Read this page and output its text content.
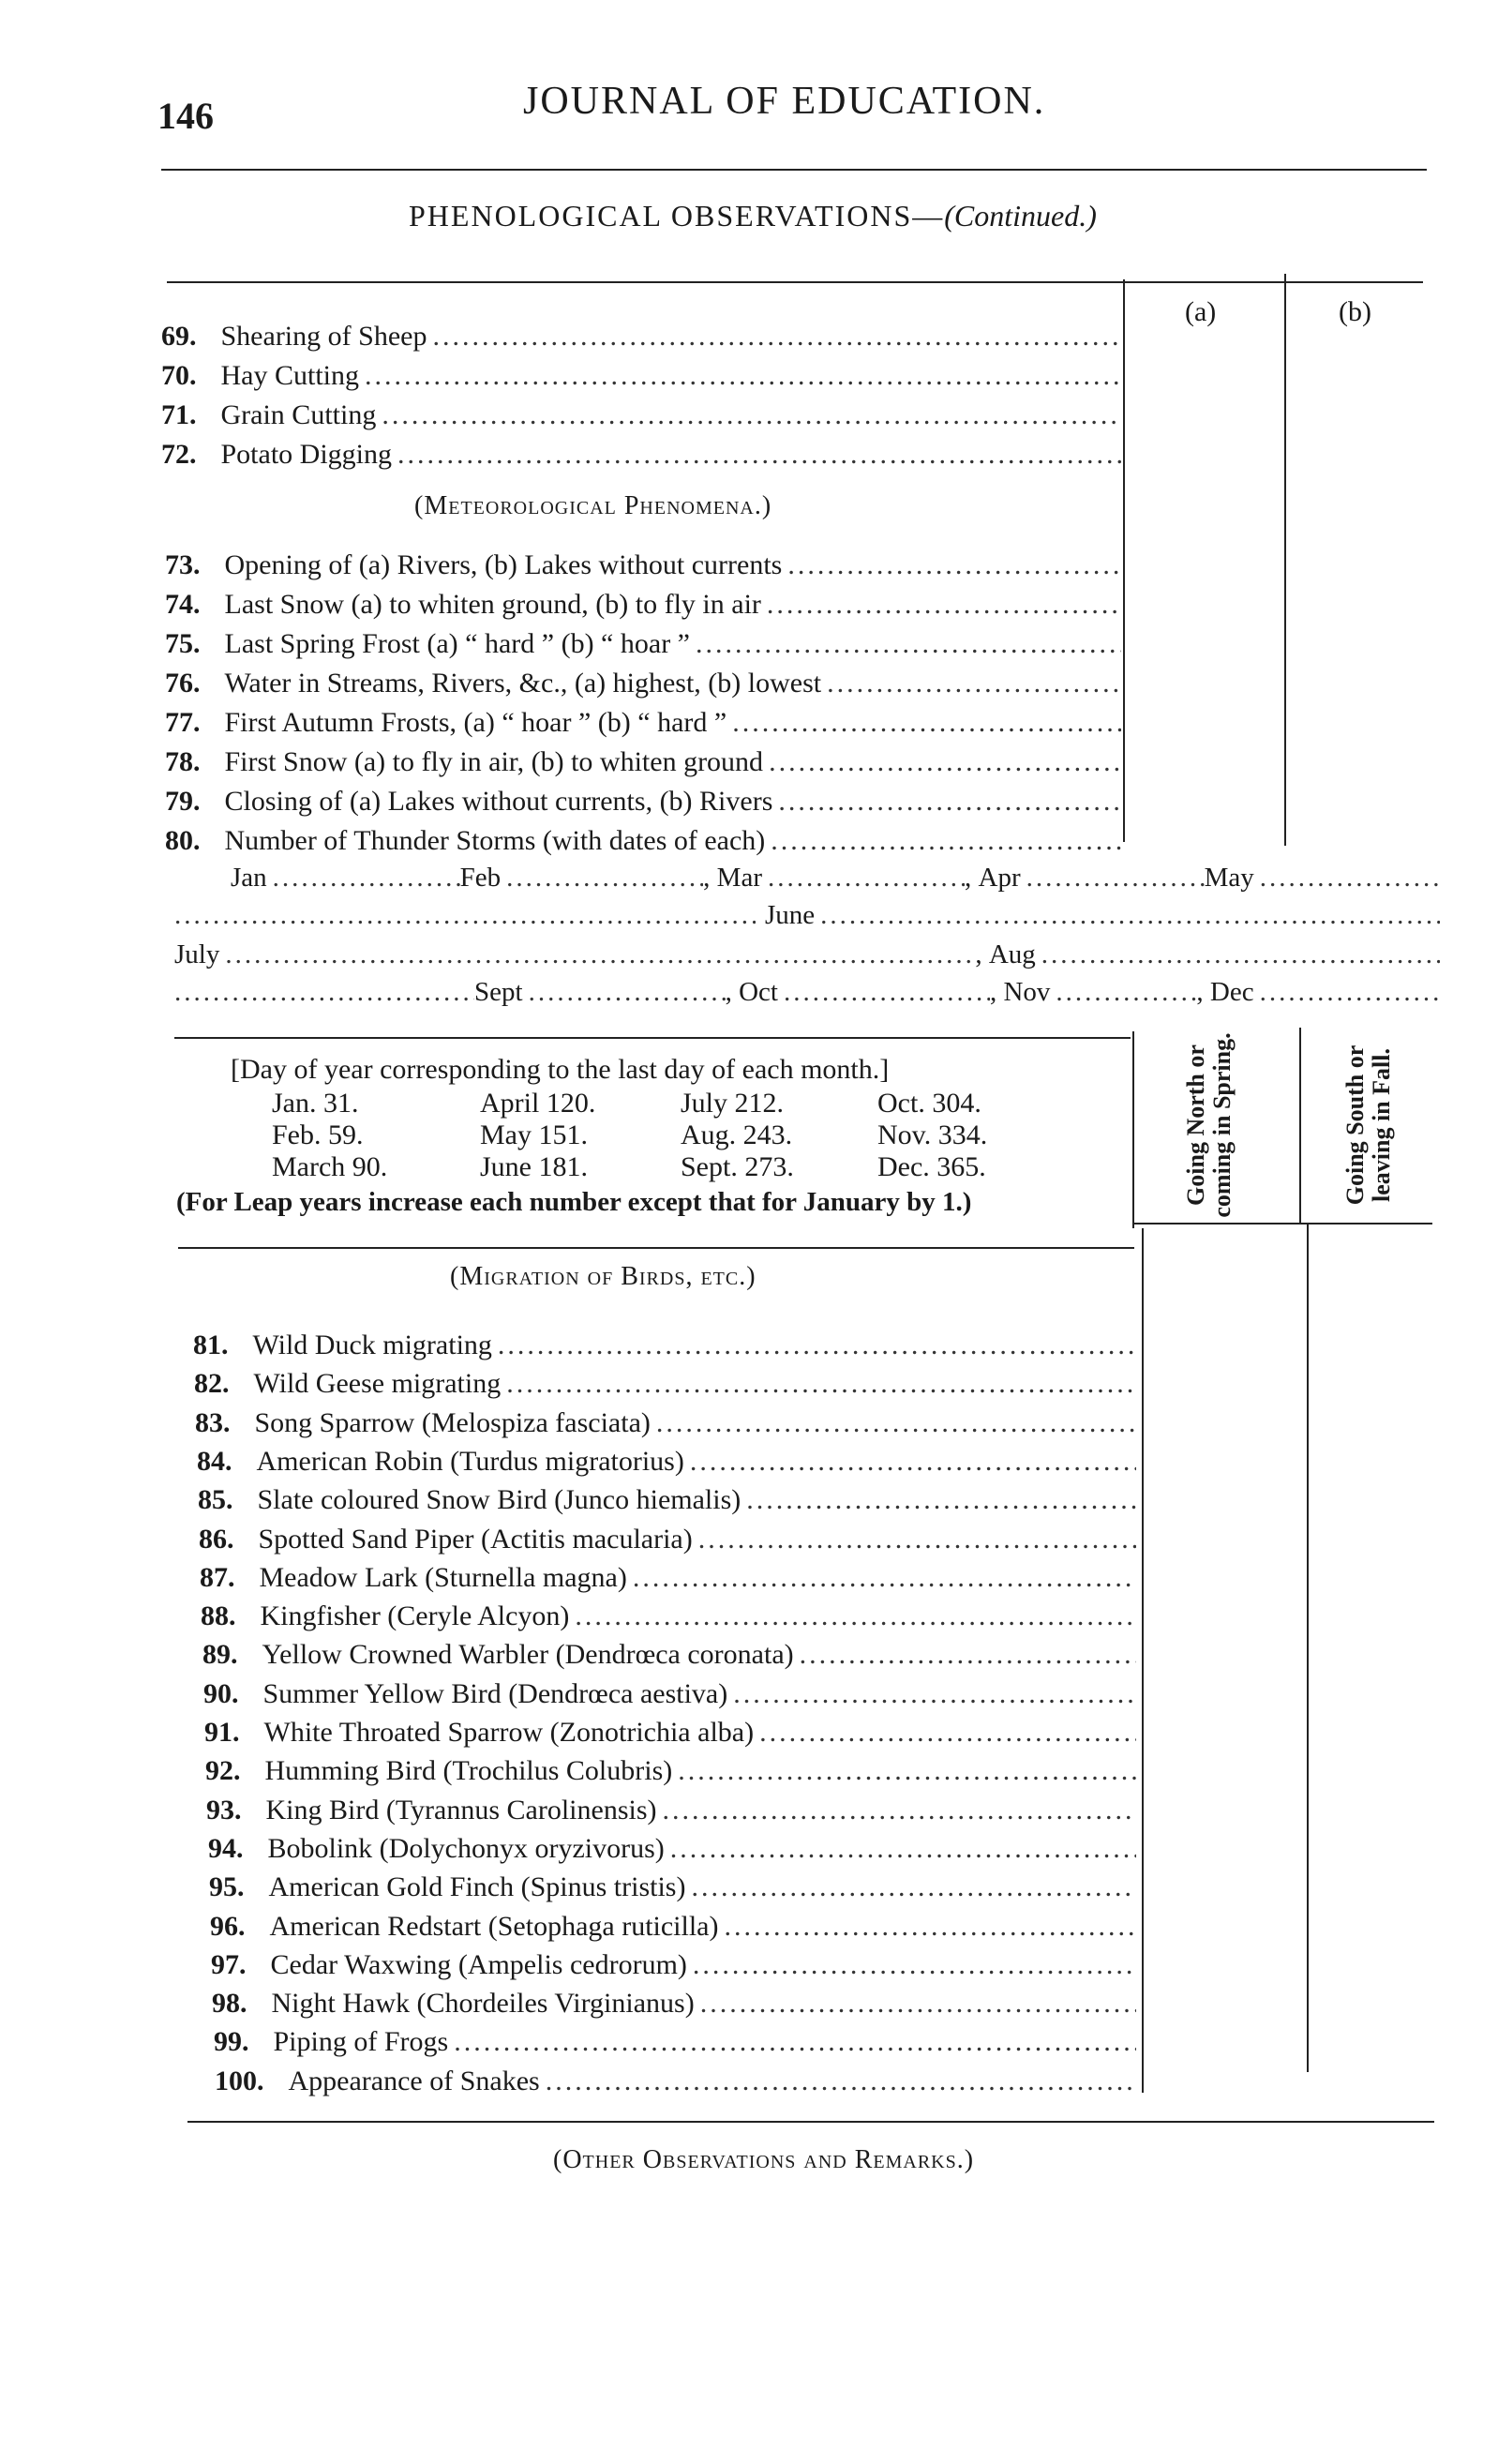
146	JOURNAL OF EDUCATION.
PHENOLOGICAL OBSERVATIONS—(Continued.)
(a)	(b)
69. Shearing of Sheep
.....
70. Hay Cutting
.....
71. Grain Cutting
.....
72. Potato Digging
.....
(Meteorological Phenomena.)
73. Opening of (a) Rivers, (b) Lakes without currents
.....
74. Last Snow (a) to whiten ground, (b) to fly in air
.....
75. Last Spring Frost (a) “ hard ” (b) “ hoar ”
.....
76. Water in Streams, Rivers, &c., (a) highest, (b) lowest
.....
77. First Autumn Frosts, (a) “ hoar ” (b) “ hard ”
.....
78. First Snow (a) to fly in air, (b) to whiten ground
.....
79. Closing of (a) Lakes without currents, (b) Rivers
.....
80. Number of Thunder Storms (with dates of each)
.....
Jan .....	Feb .....	, Mar .....	, Apr .....	May
.....
.....
June
.....
July .....	, Aug
.....
.....
Sept .....	, Oct .....	, Nov .....	, Dec
.....
[Day of year corresponding to the last day of each month.]
Jan. 31.	April 120.	July 212.	Oct. 304.
Feb. 59.	May 151.	Aug. 243.	Nov. 334.
March 90.	June 181.	Sept. 273.	Dec. 365.
(For Leap years increase each number except that for January by 1.)	Going North or coming in Spring.	Going South or leaving in Fall.
(Migration of Birds, etc.)
81. Wild Duck migrating
.....
82. Wild Geese migrating
.....
83. Song Sparrow (Melospiza fasciata)
.....
84. American Robin (Turdus migratorius)
.....
85. Slate coloured Snow Bird (Junco hiemalis)
.....
86. Spotted Sand Piper (Actitis macularia)
.....
87. Meadow Lark (Sturnella magna)
.....
88. Kingfisher (Ceryle Alcyon)
.....
89. Yellow Crowned Warbler (Dendrœca coronata)
.....
90. Summer Yellow Bird (Dendrœca aestiva)
.....
91. White Throated Sparrow (Zonotrichia alba)
.....
92. Humming Bird (Trochilus Colubris)
.....
93. King Bird (Tyrannus Carolinensis)
.....
94. Bobolink (Dolychonyx oryzivorus)
.....
95. American Gold Finch (Spinus tristis)
.....
96. American Redstart (Setophaga ruticilla)
.....
97. Cedar Waxwing (Ampelis cedrorum)
.....
98. Night Hawk (Chordeiles Virginianus)
.....
99. Piping of Frogs
.....
100. Appearance of Snakes
.....
(Other Observations and Remarks.)
